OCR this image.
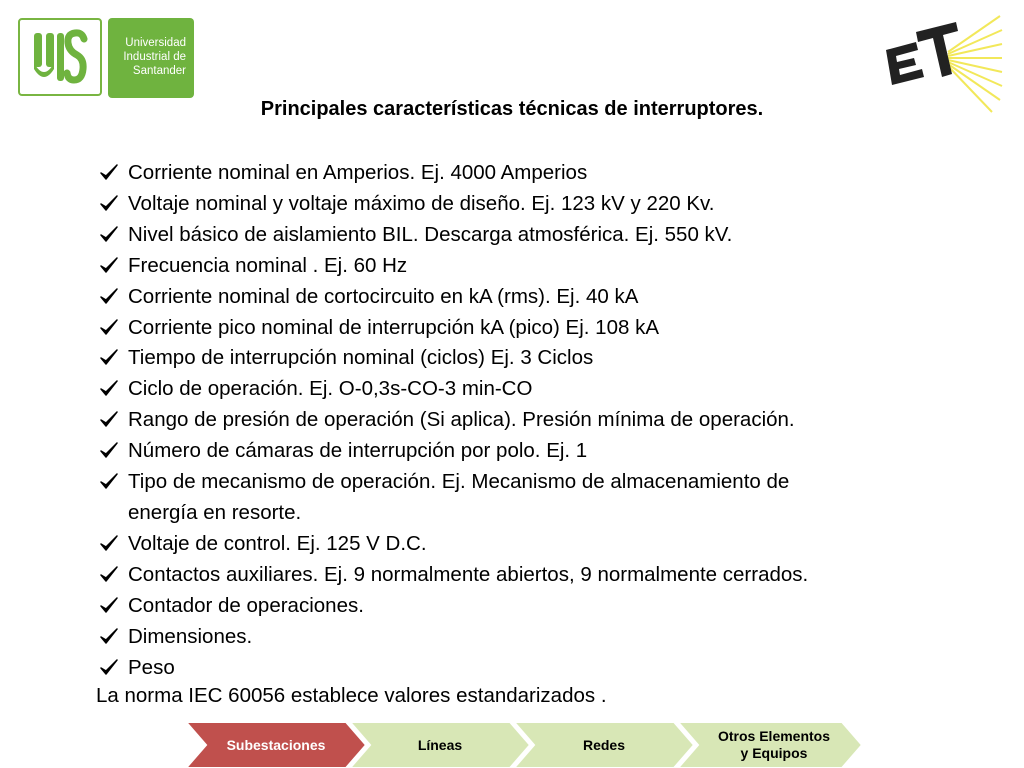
Universidad
Industrial de
Santander
Principales características técnicas de interruptores.
Corriente nominal en Amperios. Ej. 4000 Amperios
Voltaje nominal y voltaje máximo de diseño. Ej. 123 kV y 220 Kv.
Nivel básico de aislamiento BIL. Descarga atmosférica. Ej. 550 kV.
Frecuencia nominal . Ej. 60 Hz
Corriente nominal de cortocircuito en kA (rms). Ej. 40 kA
Corriente pico nominal de interrupción kA (pico) Ej. 108 kA
Tiempo de interrupción nominal (ciclos) Ej. 3 Ciclos
Ciclo de operación. Ej. O-0,3s-CO-3 min-CO
Rango de presión de operación (Si aplica). Presión mínima de operación.
Número de cámaras de interrupción por polo. Ej. 1
Tipo de mecanismo de operación. Ej. Mecanismo de almacenamiento de
energía en resorte.
Voltaje de control. Ej. 125 V D.C.
Contactos auxiliares. Ej. 9 normalmente abiertos, 9 normalmente cerrados.
Contador de operaciones.
Dimensiones.
Peso
La norma IEC 60056 establece valores estandarizados .
Subestaciones	Líneas	Redes
Otros Elementos
y Equipos
